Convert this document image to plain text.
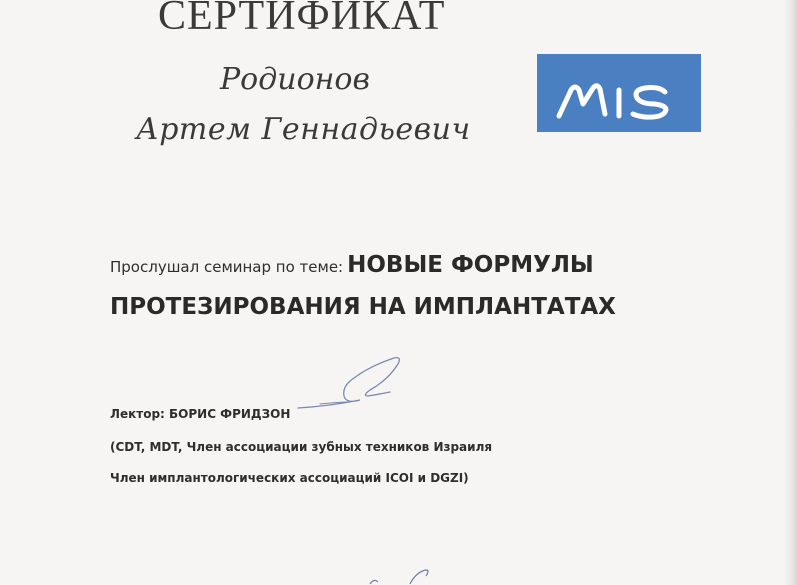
СЕРТИФИКАТ
Родионов
Артем Геннадьевич
Прослушал семинар по теме: НОВЫЕ ФОРМУЛЫ
ПРОТЕЗИРОВАНИЯ НА ИМПЛАНТАТАХ
Лектор: БОРИС ФРИДЗОН
(CDT, MDT, Член ассоциации зубных техников Израиля
Член имплантологических ассоциаций ICOI и DGZI)
